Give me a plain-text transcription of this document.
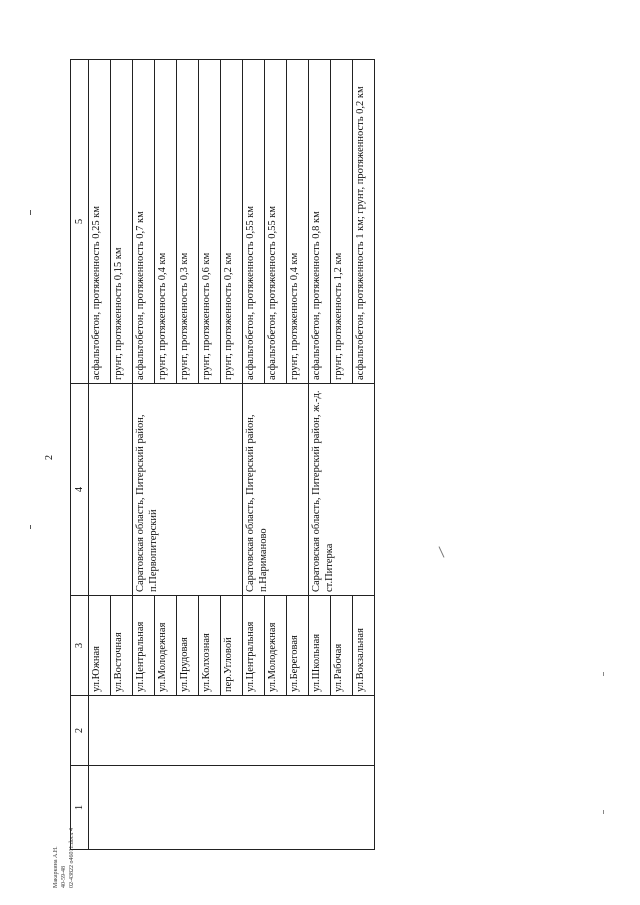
1	2	3	4	5
		ул.Южная		асфальтобетон, протяженность 0,25 км
		ул.Восточная		грунт, протяженность 0,15 км
		ул.Центральная	Саратовская область, Питерский район, п.Первопитерский	асфальтобетон, протяженность 0,7 км
		ул.Молодежная		грунт, протяженность 0,4 км
		ул.Прудовая		грунт, протяженность 0,3 км
		ул.Колхозная		грунт, протяженность 0,6 км
		пер.Угловой		грунт, протяженность 0,2 км
		ул.Центральная	Саратовская область, Питерский район, п.Нариманово	асфальтобетон, протяженность 0,55 км
		ул.Молодежная		асфальтобетон, протяженность 0,55 км
		ул.Береговая		грунт, протяженность 0,4 км
		ул.Школьная	Саратовская область, Питерский район, ж.-д. ст.Питерка	асфальтобетон, протяженность 0,8 км
		ул.Рабочая		грунт, протяженность 1,2 км
		ул.Вокзальная		асфальтобетон, протяженность 1 км; грунт, протяженность 0,2 км
2
Макаркина А.Н. 40-59-48 02-43822 о46011.docx 4
